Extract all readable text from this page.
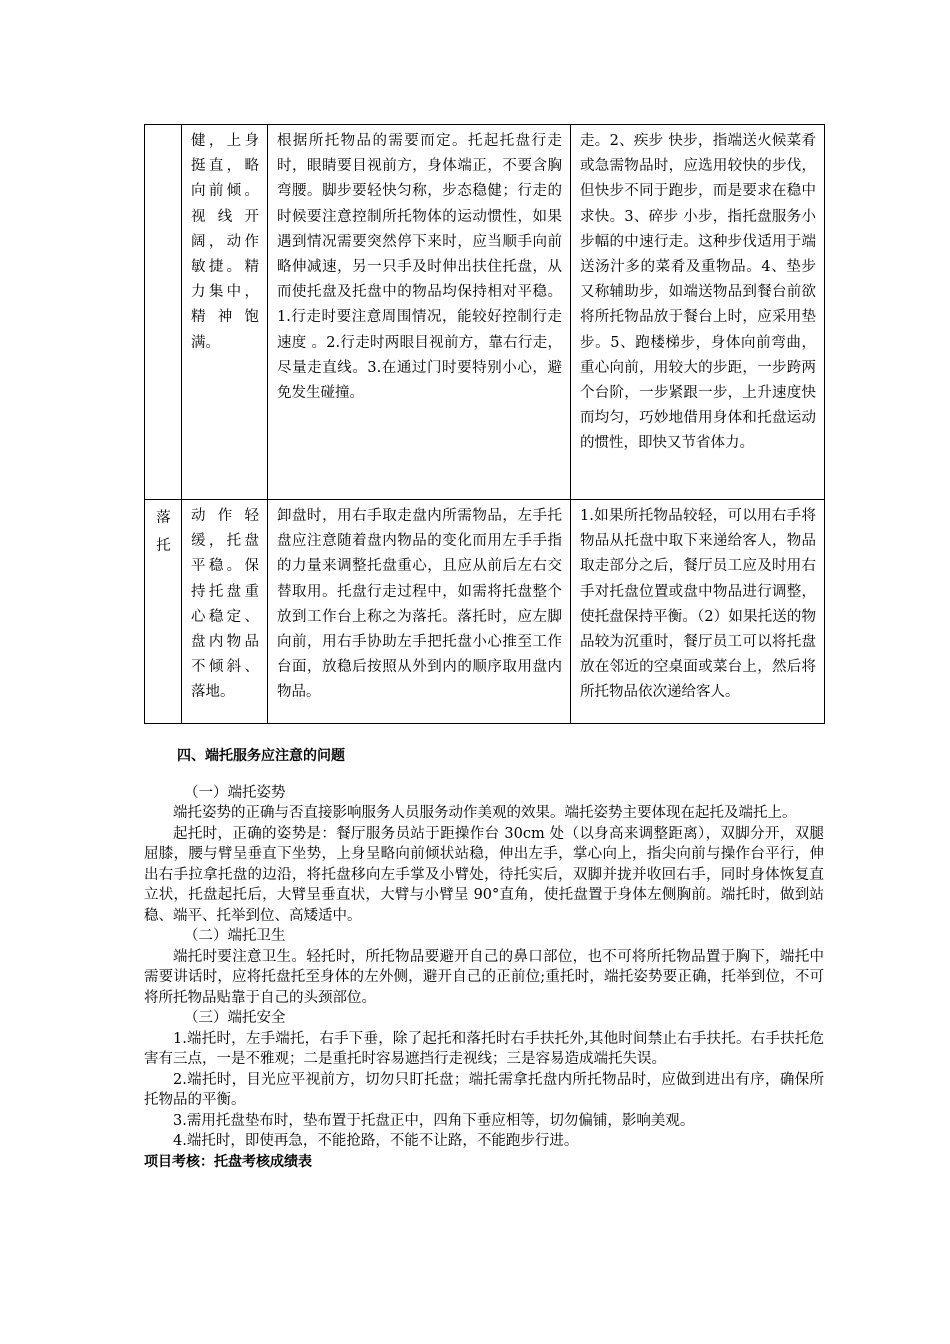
	健，上身挺直，略向前倾。视线开阔，动作敏捷。精力集中，精神饱满。	根据所托物品的需要而定。托起托盘行走时，眼睛要目视前方，身体端正，不要含胸弯腰。脚步要轻快匀称，步态稳健；行走的时候要注意控制所托物体的运动惯性，如果遇到情况需要突然停下来时，应当顺手向前略伸减速，另一只手及时伸出扶住托盘，从而使托盘及托盘中的物品均保持相对平稳。1.行走时要注意周围情况，能较好控制行走速度 。2.行走时两眼目视前方，靠右行走，尽量走直线。3.在通过门时要特别小心，避免发生碰撞。	走。2、疾步 快步，指端送火候菜肴或急需物品时，应选用较快的步伐，但快步不同于跑步，而是要求在稳中求快。3、碎步 小步，指托盘服务小步幅的中速行走。这种步伐适用于端送汤汁多的菜肴及重物品。4、垫步又称辅助步，如端送物品到餐台前欲将所托物品放于餐台上时，应采用垫步。5、跑楼梯步，身体向前弯曲，重心向前，用较大的步距，一步跨两个台阶，一步紧跟一步，上升速度快而均匀，巧妙地借用身体和托盘运动的惯性，即快又节省体力。

落托	动作轻缓，托盘平稳。保持托盘重心稳定、盘内物品不倾斜、落地。	卸盘时，用右手取走盘内所需物品，左手托盘应注意随着盘内物品的变化而用左手手指的力量来调整托盘重心，且应从前后左右交替取用。托盘行走过程中，如需将托盘整个放到工作台上称之为落托。落托时，应左脚向前，用右手协助左手把托盘小心推至工作台面，放稳后按照从外到内的顺序取用盘内物品。	1.如果所托物品较轻，可以用右手将物品从托盘中取下来递给客人，物品取走部分之后，餐厅员工应及时用右手对托盘位置或盘中物品进行调整，使托盘保持平衡。（2）如果托送的物品较为沉重时，餐厅员工可以将托盘放在邻近的空桌面或菜台上，然后将所托物品依次递给客人。
四、端托服务应注意的问题
（一）端托姿势

端托姿势的正确与否直接影响服务人员服务动作美观的效果。端托姿势主要体现在起托及端托上。

起托时，正确的姿势是：餐厅服务员站于距操作台 30cm 处（以身高来调整距离），双脚分开，双腿屈膝，腰与臂呈垂直下坐势，上身呈略向前倾状站稳，伸出左手，掌心向上，指尖向前与操作台平行，伸出右手拉拿托盘的边沿，将托盘移向左手掌及小臂处，待托实后，双脚并拢并收回右手，同时身体恢复直立状，托盘起托后，大臂呈垂直状，大臂与小臂呈 90°直角，使托盘置于身体左侧胸前。端托时，做到站稳、端平、托举到位、高矮适中。

（二）端托卫生

端托时要注意卫生。轻托时，所托物品要避开自己的鼻口部位，也不可将所托物品置于胸下，端托中需要讲话时，应将托盘托至身体的左外侧，避开自己的正前位;重托时，端托姿势要正确，托举到位，不可将所托物品贴靠于自己的头颈部位。

（三）端托安全

1.端托时，左手端托，右手下垂，除了起托和落托时右手扶托外,其他时间禁止右手扶托。右手扶托危害有三点，一是不雅观；二是重托时容易遮挡行走视线；三是容易造成端托失误。

2.端托时，目光应平视前方，切勿只盯托盘；端托需拿托盘内所托物品时，应做到进出有序，确保所托物品的平衡。

3.需用托盘垫布时，垫布置于托盘正中，四角下垂应相等，切勿偏铺，影响美观。

4.端托时，即使再急，不能抢路，不能不让路，不能跑步行进。

项目考核：托盘考核成绩表
